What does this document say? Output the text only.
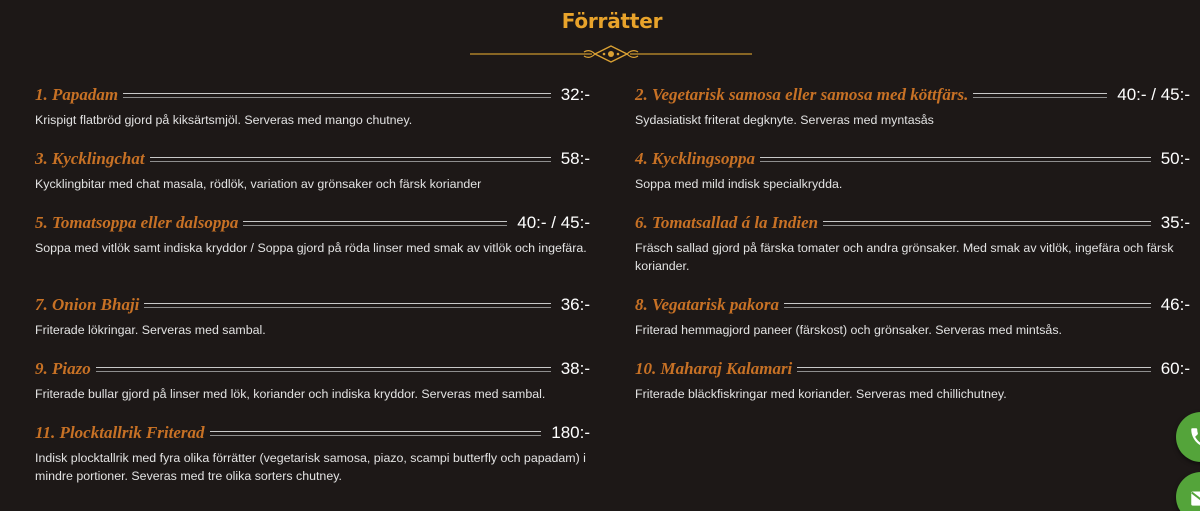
Förrätter
1. Papadam	32:-
Krispigt flatbröd gjord på kiksärtsmjöl. Serveras med mango chutney.
3. Kycklingchat	58:-
Kycklingbitar med chat masala, rödlök, variation av grönsaker och färsk koriander
5. Tomatsoppa eller dalsoppa	40:- / 45:-
Soppa med vitlök samt indiska kryddor / Soppa gjord på röda linser med smak av vitlök och ingefära.
7. Onion Bhaji	36:-
Friterade lökringar. Serveras med sambal.
9. Piazo	38:-
Friterade bullar gjord på linser med lök, koriander och indiska kryddor. Serveras med sambal.
11. Plocktallrik Friterad	180:-
Indisk plocktallrik med fyra olika förrätter (vegetarisk samosa, piazo, scampi butterfly och papadam) i mindre portioner. Severas med tre olika sorters chutney.
2. Vegetarisk samosa eller samosa med köttfärs.	40:- / 45:-
Sydasiatiskt friterat degknyte. Serveras med myntasås
4. Kycklingsoppa	50:-
Soppa med mild indisk specialkrydda.
6. Tomatsallad á la Indien	35:-
Fräsch sallad gjord på färska tomater och andra grönsaker. Med smak av vitlök, ingefära och färsk koriander.
8. Vegatarisk pakora	46:-
Friterad hemmagjord paneer (färskost) och grönsaker. Serveras med mintsås.
10. Maharaj Kalamari	60:-
Friterade bläckfiskringar med koriander. Serveras med chillichutney.
